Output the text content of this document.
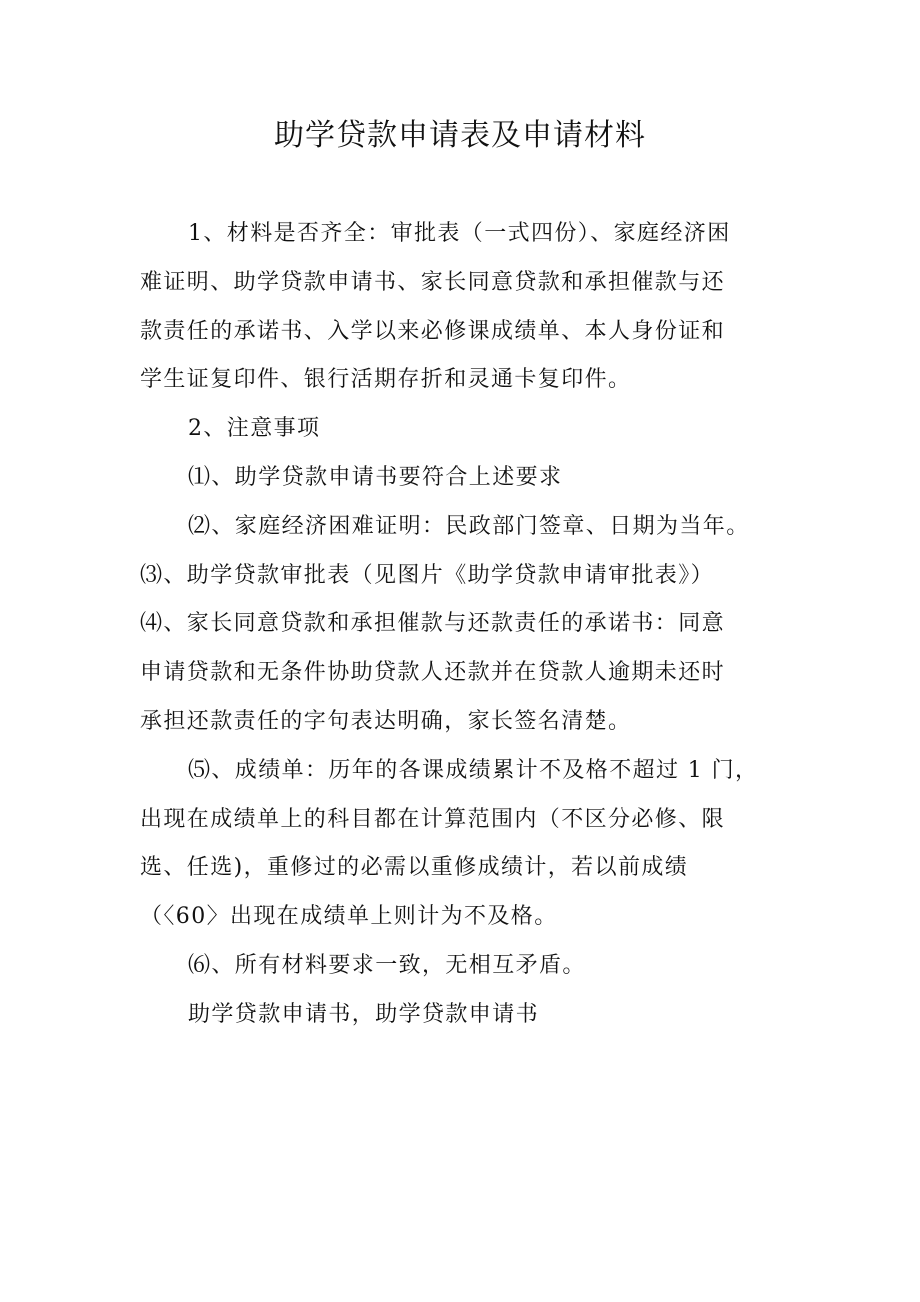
助学贷款申请表及申请材料

1、材料是否齐全：审批表（一式四份）、家庭经济困
难证明、助学贷款申请书、家长同意贷款和承担催款与还
款责任的承诺书、入学以来必修课成绩单、本人身份证和
学生证复印件、银行活期存折和灵通卡复印件。

2、注意事项

⑴、助学贷款申请书要符合上述要求

⑵、家庭经济困难证明：民政部门签章、日期为当年。

⑶、助学贷款审批表（见图片《助学贷款申请审批表》）

⑷、家长同意贷款和承担催款与还款责任的承诺书：同意
申请贷款和无条件协助贷款人还款并在贷款人逾期未还时
承担还款责任的字句表达明确，家长签名清楚。

⑸、成绩单：历年的各课成绩累计不及格不超过 1 门，
出现在成绩单上的科目都在计算范围内（不区分必修、限
选、任选)，重修过的必需以重修成绩计，若以前成绩
（〈60〉出现在成绩单上则计为不及格。

⑹、所有材料要求一致，无相互矛盾。

助学贷款申请书，助学贷款申请书
